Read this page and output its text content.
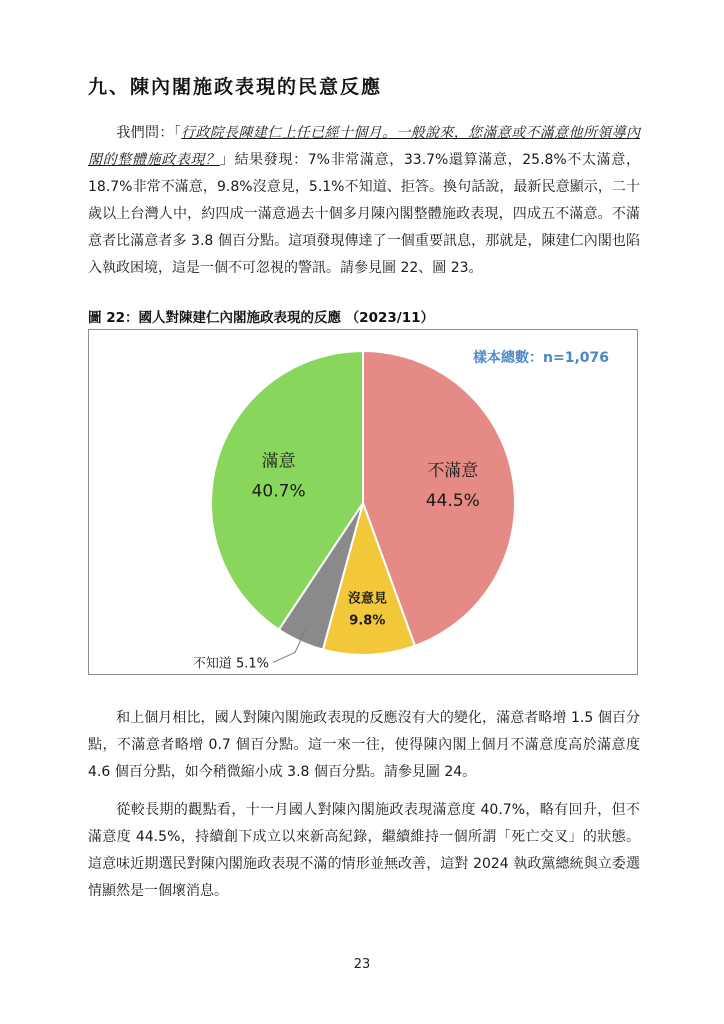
九、陳內閣施政表現的民意反應
我們問：「行政院長陳建仁上任已經十個月。一般說來，您滿意或不滿意他所領導內閣的整體施政表現？」結果發現：7%非常滿意，33.7%還算滿意，25.8%不太滿意，18.7%非常不滿意，9.8%沒意見，5.1%不知道、拒答。換句話說，最新民意顯示，二十歲以上台灣人中，約四成一滿意過去十個多月陳內閣整體施政表現，四成五不滿意。不滿意者比滿意者多 3.8 個百分點。這項發現傳達了一個重要訊息，那就是，陳建仁內閣也陷入執政困境，這是一個不可忽視的警訊。請參見圖 22、圖 23。
圖 22：國人對陳建仁內閣施政表現的反應 （2023/11）
不滿意
44.5%
沒意見
9.8%
不知道 5.1%
滿意
40.7%
樣本總數：n=1,076
和上個月相比，國人對陳內閣施政表現的反應沒有大的變化，滿意者略增 1.5 個百分點，不滿意者略增 0.7 個百分點。這一來一往，使得陳內閣上個月不滿意度高於滿意度 4.6 個百分點，如今稍微縮小成 3.8 個百分點。請參見圖 24。
從較長期的觀點看，十一月國人對陳內閣施政表現滿意度 40.7%，略有回升，但不滿意度 44.5%，持續創下成立以來新高紀錄，繼續維持一個所謂「死亡交叉」的狀態。這意味近期選民對陳內閣施政表現不滿的情形並無改善，這對 2024 執政黨總統與立委選情顯然是一個壞消息。
23
